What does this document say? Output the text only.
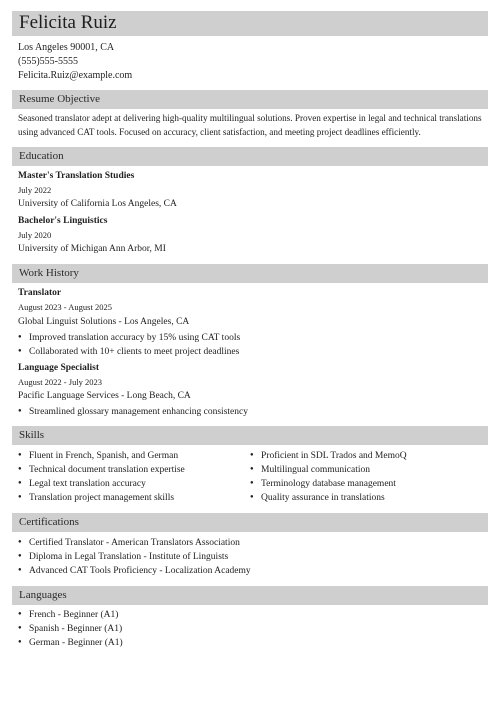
Felicita Ruiz
Los Angeles 90001, CA
(555)555-5555
Felicita.Ruiz@example.com
Resume Objective
Seasoned translator adept at delivering high-quality multilingual solutions. Proven expertise in legal and technical translations using advanced CAT tools. Focused on accuracy, client satisfaction, and meeting project deadlines efficiently.
Education
Master's Translation Studies
July 2022
University of California Los Angeles, CA
Bachelor's Linguistics
July 2020
University of Michigan Ann Arbor, MI
Work History
Translator
August 2023 - August 2025
Global Linguist Solutions - Los Angeles, CA
● Improved translation accuracy by 15% using CAT tools
● Collaborated with 10+ clients to meet project deadlines
Language Specialist
August 2022 - July 2023
Pacific Language Services - Long Beach, CA
● Streamlined glossary management enhancing consistency
Skills
● Fluent in French, Spanish, and German
● Technical document translation expertise
● Legal text translation accuracy
● Translation project management skills
● Proficient in SDL Trados and MemoQ
● Multilingual communication
● Terminology database management
● Quality assurance in translations
Certifications
● Certified Translator - American Translators Association
● Diploma in Legal Translation - Institute of Linguists
● Advanced CAT Tools Proficiency - Localization Academy
Languages
● French - Beginner (A1)
● Spanish - Beginner (A1)
● German - Beginner (A1)
